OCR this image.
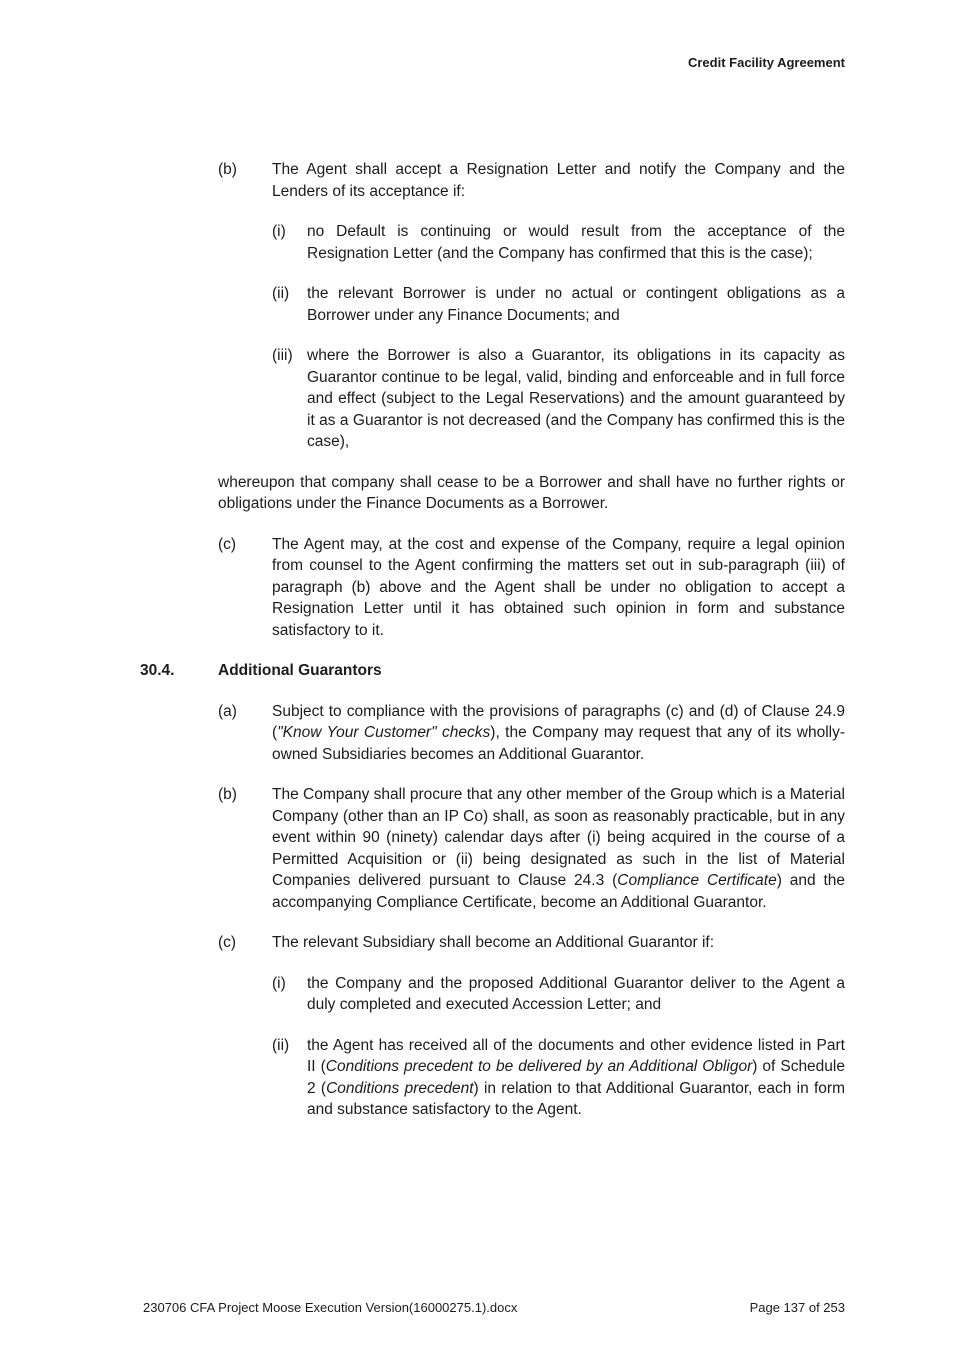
Credit Facility Agreement
(b)	The Agent shall accept a Resignation Letter and notify the Company and the Lenders of its acceptance if:
(i)	no Default is continuing or would result from the acceptance of the Resignation Letter (and the Company has confirmed that this is the case);
(ii)	the relevant Borrower is under no actual or contingent obligations as a Borrower under any Finance Documents; and
(iii) where the Borrower is also a Guarantor, its obligations in its capacity as Guarantor continue to be legal, valid, binding and enforceable and in full force and effect (subject to the Legal Reservations) and the amount guaranteed by it as a Guarantor is not decreased (and the Company has confirmed this is the case),
whereupon that company shall cease to be a Borrower and shall have no further rights or obligations under the Finance Documents as a Borrower.
(c)	The Agent may, at the cost and expense of the Company, require a legal opinion from counsel to the Agent confirming the matters set out in sub-paragraph (iii) of paragraph (b) above and the Agent shall be under no obligation to accept a Resignation Letter until it has obtained such opinion in form and substance satisfactory to it.
30.4.	Additional Guarantors
(a)	Subject to compliance with the provisions of paragraphs (c) and (d) of Clause 24.9 ("Know Your Customer" checks), the Company may request that any of its wholly-owned Subsidiaries becomes an Additional Guarantor.
(b)	The Company shall procure that any other member of the Group which is a Material Company (other than an IP Co) shall, as soon as reasonably practicable, but in any event within 90 (ninety) calendar days after (i) being acquired in the course of a Permitted Acquisition or (ii) being designated as such in the list of Material Companies delivered pursuant to Clause 24.3 (Compliance Certificate) and the accompanying Compliance Certificate, become an Additional Guarantor.
(c)	The relevant Subsidiary shall become an Additional Guarantor if:
(i)	the Company and the proposed Additional Guarantor deliver to the Agent a duly completed and executed Accession Letter; and
(ii)	the Agent has received all of the documents and other evidence listed in Part II (Conditions precedent to be delivered by an Additional Obligor) of Schedule 2 (Conditions precedent) in relation to that Additional Guarantor, each in form and substance satisfactory to the Agent.
230706 CFA Project Moose Execution Version(16000275.1).docx	Page 137 of 253
